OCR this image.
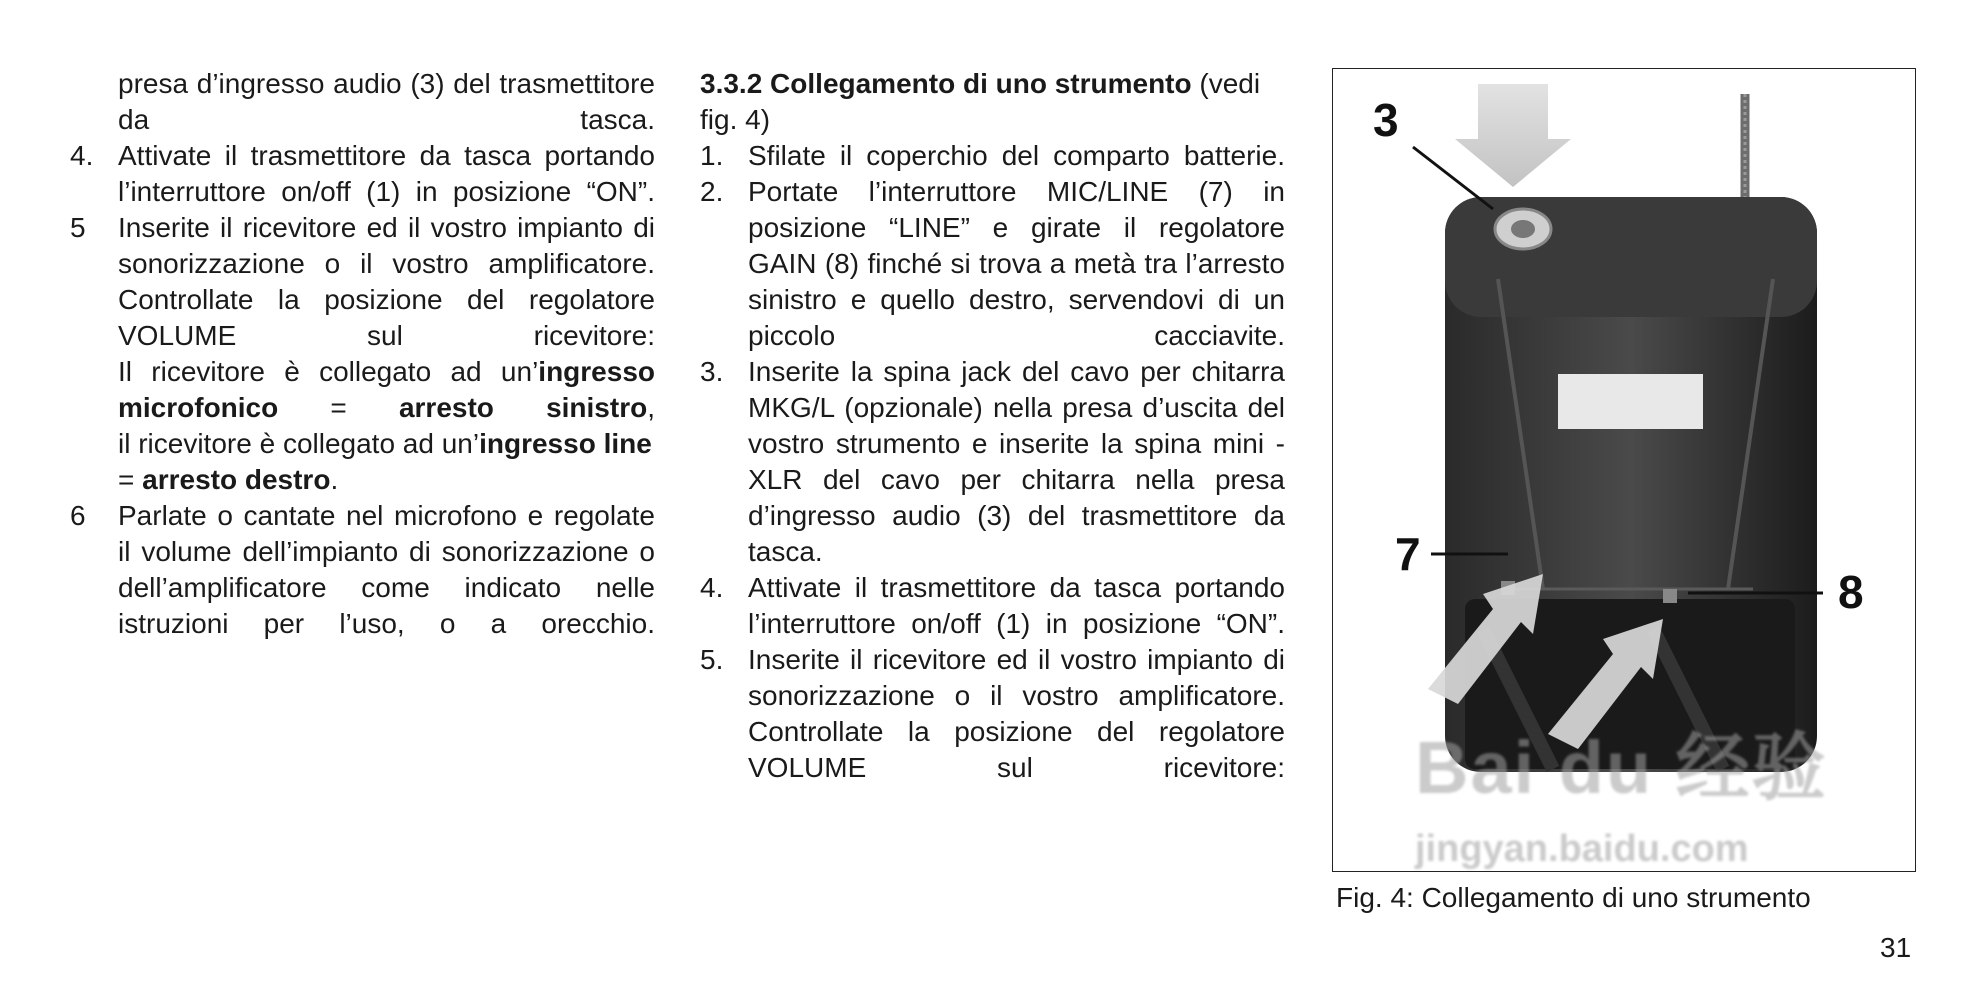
presa d’ingresso audio (3) del trasmettitore da tasca.

4. Attivate il trasmettitore da tasca portando l’interruttore on/off (1) in posizione “ON”.

5 Inserite il ricevitore ed il vostro impianto di sonorizzazione o il vostro amplificatore.

Controllate la posizione del regolatore VOLUME sul ricevitore:

Il ricevitore è collegato ad un’ingresso microfonico = arresto sinistro,

il ricevitore è collegato ad un’ingresso line = arresto destro.

6 Parlate o cantate nel microfono e regolate il volume dell’impianto di sonorizzazione o dell’amplificatore come indicato nelle istruzioni per l’uso, o a orecchio.

3.3.2 Collegamento di uno strumento (vedi fig. 4)

1. Sfilate il coperchio del comparto batterie.

2. Portate l’interruttore MIC/LINE (7) in posizione “LINE” e girate il regolatore GAIN (8) finché si trova a metà tra l’arresto sinistro e quello destro, servendovi di un piccolo cacciavite.

3. Inserite la spina jack del cavo per chitarra MKG/L (opzionale) nella presa d’uscita del vostro strumento e inserite la spina mini -XLR del cavo per chitarra nella presa d’ingresso audio (3) del trasmettitore da tasca.

4. Attivate il trasmettitore da tasca portando l’interruttore on/off (1) in posizione “ON”.

5. Inserite il ricevitore ed il vostro impianto di sonorizzazione o il vostro amplificatore.

Controllate la posizione del regolatore VOLUME sul ricevitore:

3
7
8
Bai du 经验
jingyan.baidu.com
Fig. 4: Collegamento di uno strumento
31
